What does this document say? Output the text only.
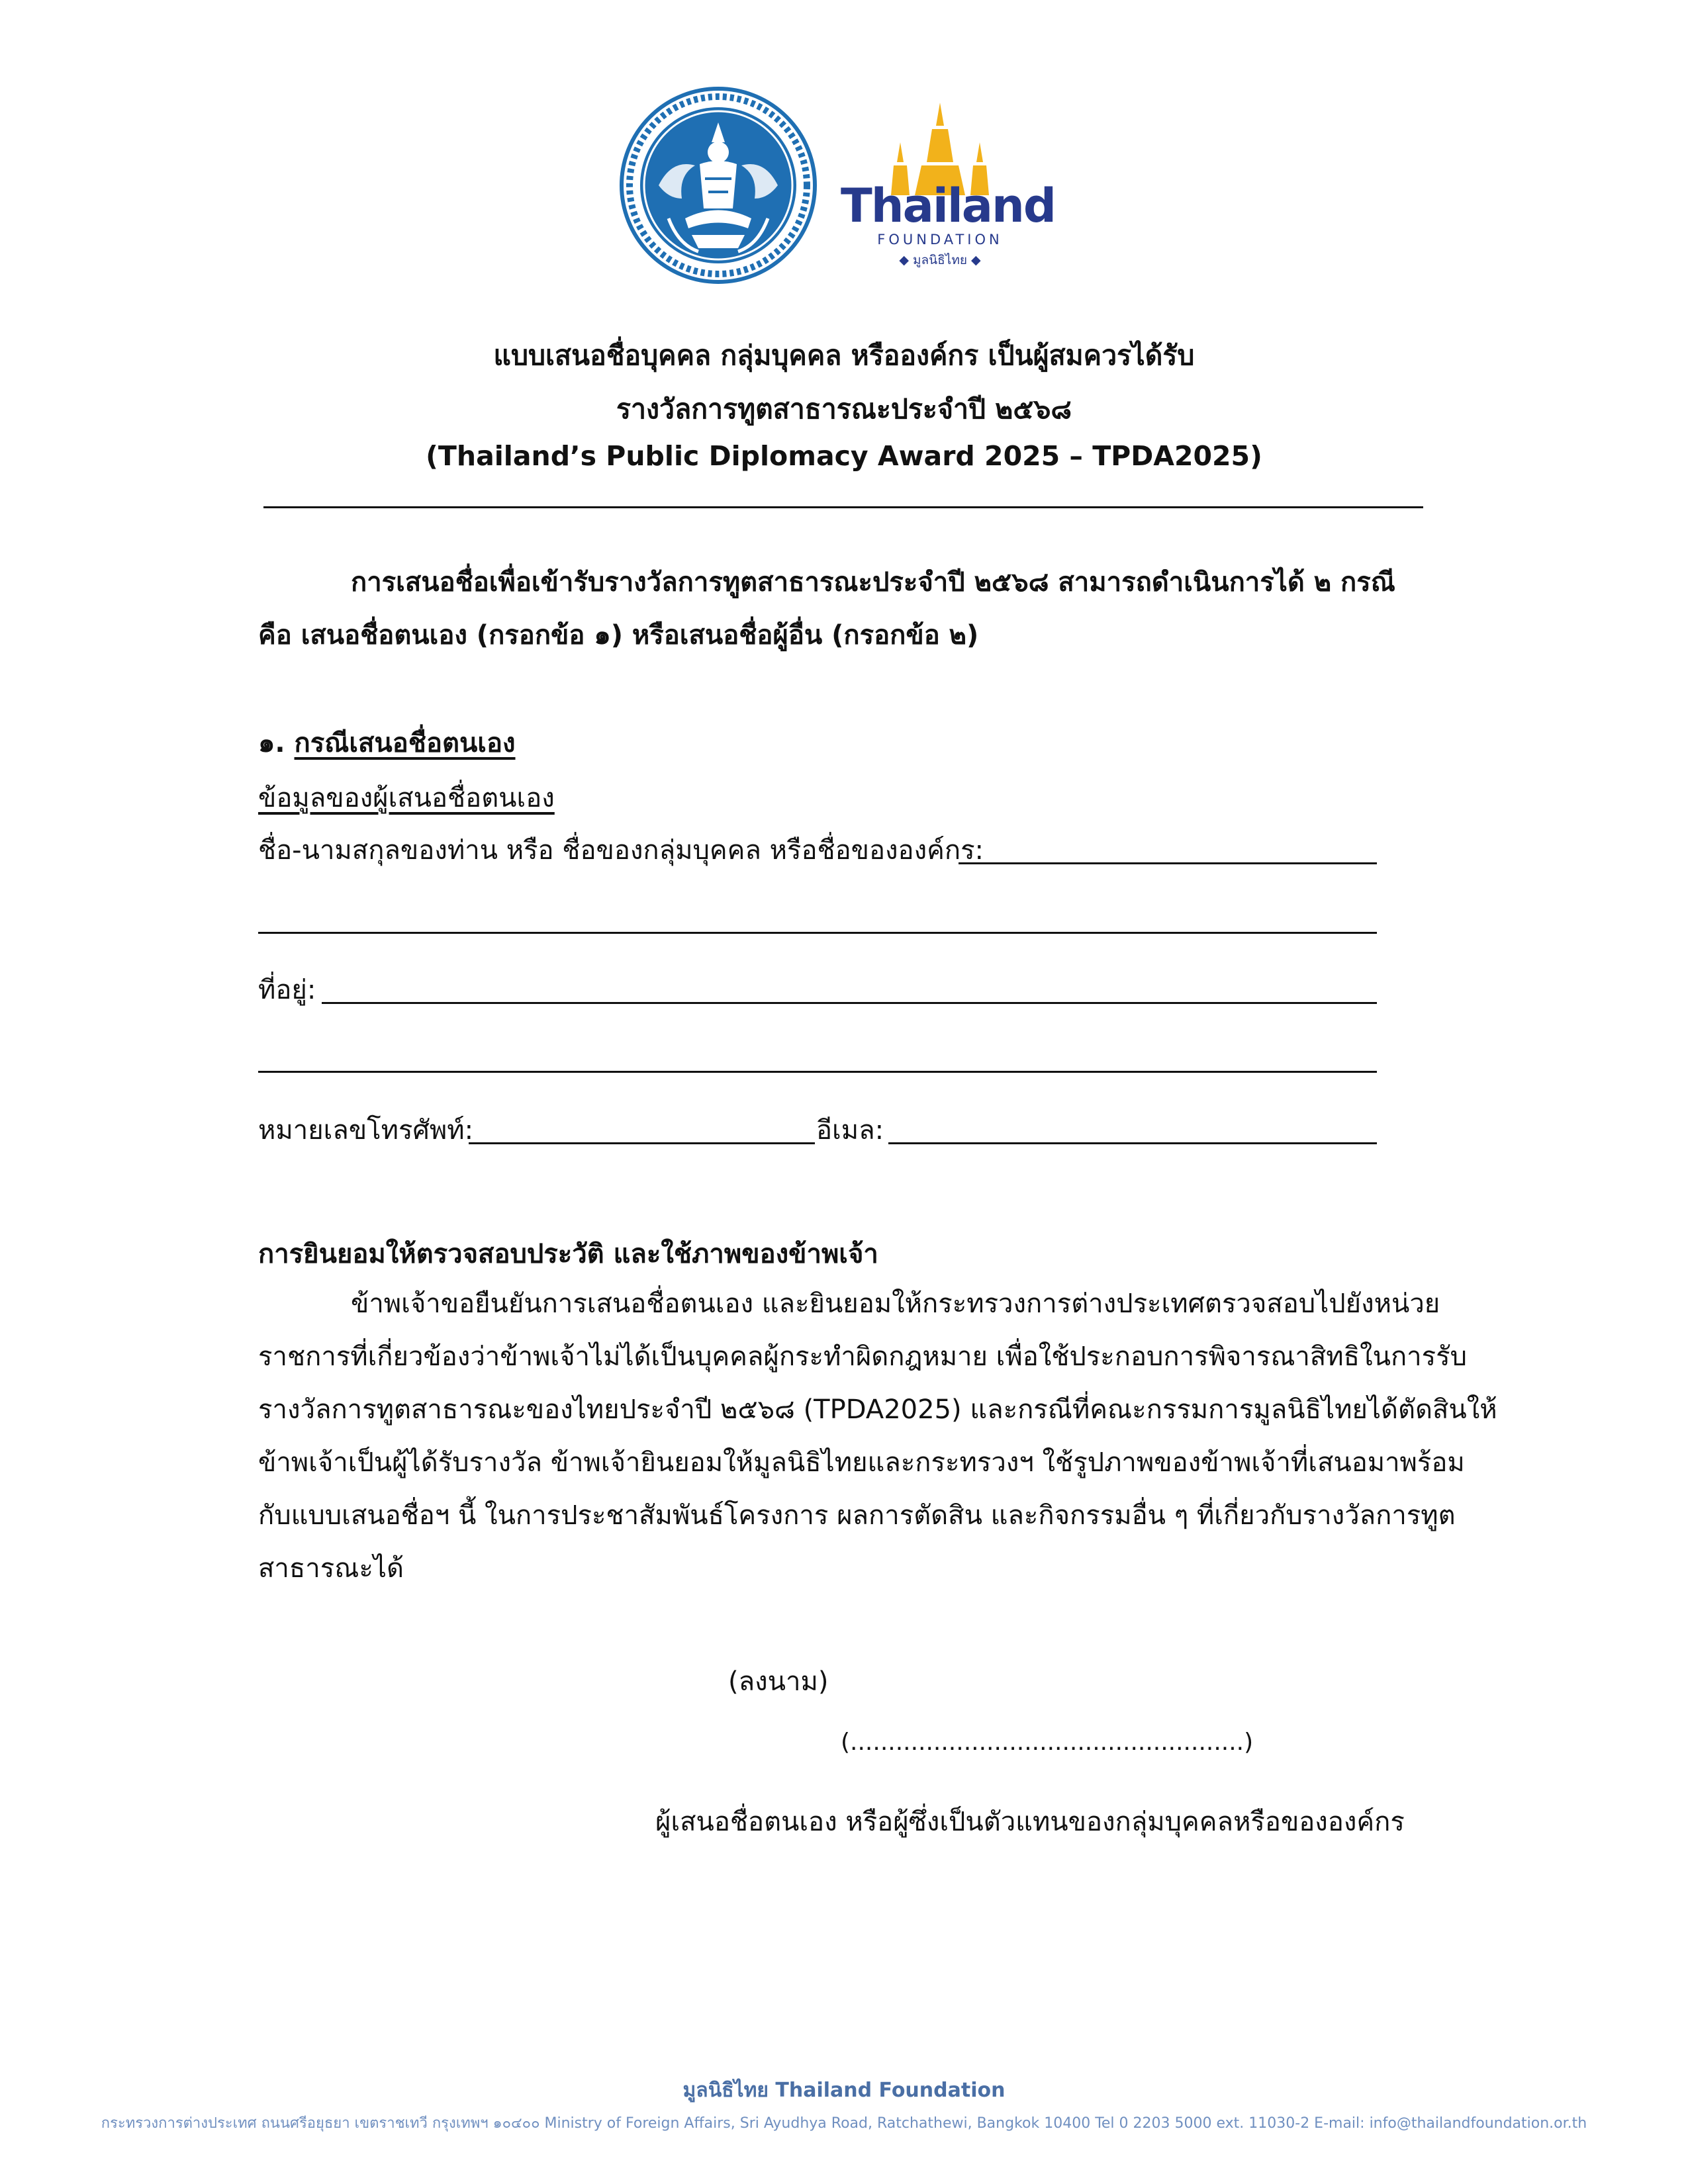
Thailand
FOUNDATION
◆ มูลนิธิไทย ◆
แบบเสนอชื่อบุคคล กลุ่มบุคคล หรือองค์กร เป็นผู้สมควรได้รับ
รางวัลการทูตสาธารณะประจำปี ๒๕๖๘
(Thailand’s Public Diplomacy Award 2025 – TPDA2025)
การเสนอชื่อเพื่อเข้ารับรางวัลการทูตสาธารณะประจำปี ๒๕๖๘ สามารถดำเนินการได้ ๒ กรณี
คือ เสนอชื่อตนเอง (กรอกข้อ ๑) หรือเสนอชื่อผู้อื่น (กรอกข้อ ๒)
๑. กรณีเสนอชื่อตนเอง
ข้อมูลของผู้เสนอชื่อตนเอง
ชื่อ-นามสกุลของท่าน หรือ ชื่อของกลุ่มบุคคล หรือชื่อขององค์กร:
ที่อยู่:
หมายเลขโทรศัพท์:	อีเมล:
การยินยอมให้ตรวจสอบประวัติ และใช้ภาพของข้าพเจ้า
ข้าพเจ้าขอยืนยันการเสนอชื่อตนเอง และยินยอมให้กระทรวงการต่างประเทศตรวจสอบไปยังหน่วย
ราชการที่เกี่ยวข้องว่าข้าพเจ้าไม่ได้เป็นบุคคลผู้กระทำผิดกฎหมาย เพื่อใช้ประกอบการพิจารณาสิทธิในการรับ
รางวัลการทูตสาธารณะของไทยประจำปี ๒๕๖๘ (TPDA2025) และกรณีที่คณะกรรมการมูลนิธิไทยได้ตัดสินให้
ข้าพเจ้าเป็นผู้ได้รับรางวัล ข้าพเจ้ายินยอมให้มูลนิธิไทยและกระทรวงฯ ใช้รูปภาพของข้าพเจ้าที่เสนอมาพร้อม
กับแบบเสนอชื่อฯ นี้ ในการประชาสัมพันธ์โครงการ ผลการตัดสิน และกิจกรรมอื่น ๆ ที่เกี่ยวกับรางวัลการทูต
สาธารณะได้
(ลงนาม)
(....................................................)
ผู้เสนอชื่อตนเอง หรือผู้ซึ่งเป็นตัวแทนของกลุ่มบุคคลหรือขององค์กร
มูลนิธิไทย Thailand Foundation
กระทรวงการต่างประเทศ ถนนศรีอยุธยา เขตราชเทวี กรุงเทพฯ ๑๐๔๐๐ Ministry of Foreign Affairs, Sri Ayudhya Road, Ratchathewi, Bangkok 10400 Tel 0 2203 5000 ext. 11030-2 E-mail: info@thailandfoundation.or.th
